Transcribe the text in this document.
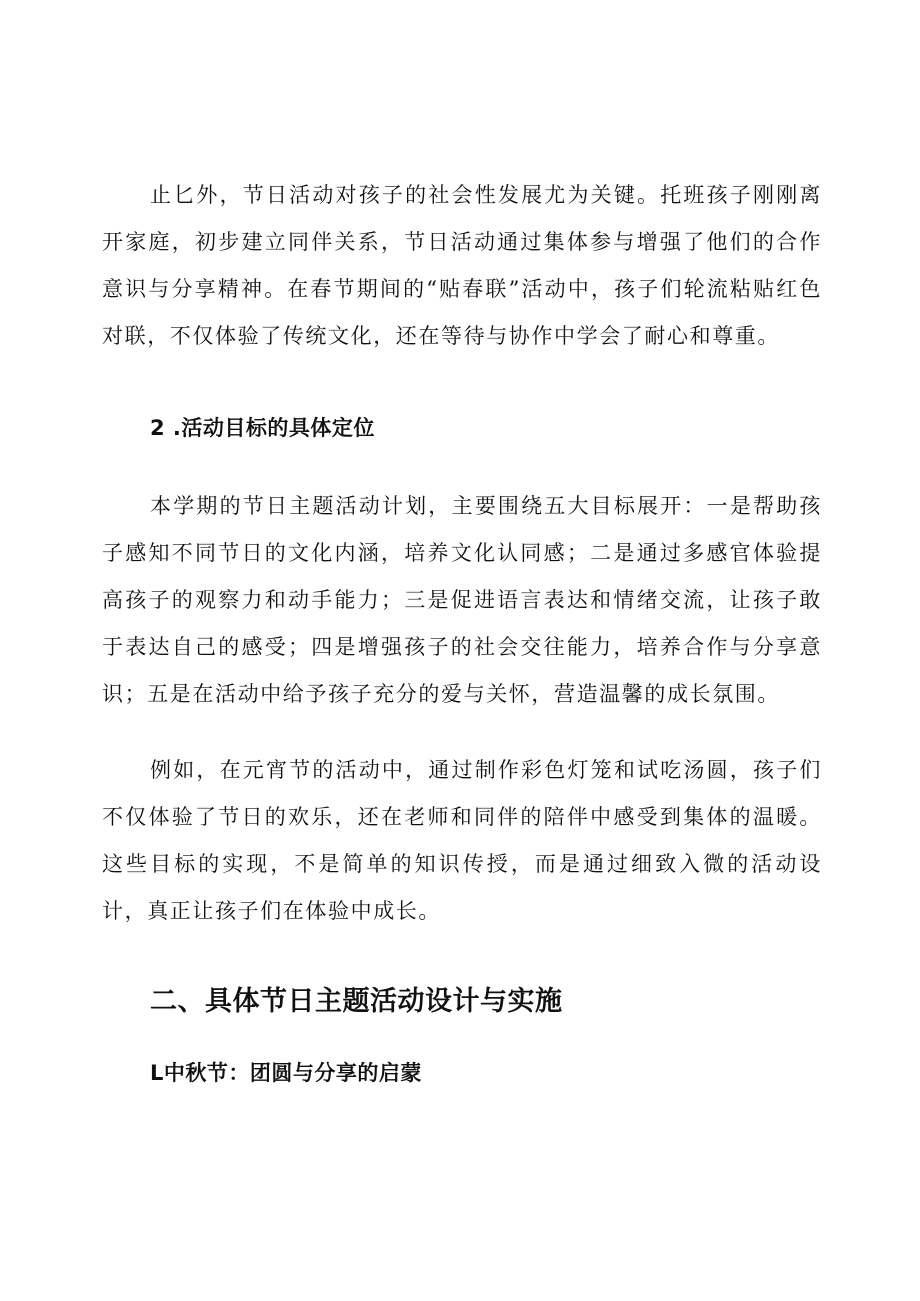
止匕外，节日活动对孩子的社会性发展尤为关键。托班孩子刚刚离开家庭，初步建立同伴关系，节日活动通过集体参与增强了他们的合作意识与分享精神。在春节期间的“贴春联”活动中，孩子们轮流粘贴红色对联，不仅体验了传统文化，还在等待与协作中学会了耐心和尊重。

2 .活动目标的具体定位

本学期的节日主题活动计划，主要围绕五大目标展开：一是帮助孩子感知不同节日的文化内涵，培养文化认同感；二是通过多感官体验提高孩子的观察力和动手能力；三是促进语言表达和情绪交流，让孩子敢于表达自己的感受；四是增强孩子的社会交往能力，培养合作与分享意识；五是在活动中给予孩子充分的爱与关怀，营造温馨的成长氛围。

例如，在元宵节的活动中，通过制作彩色灯笼和试吃汤圆，孩子们不仅体验了节日的欢乐，还在老师和同伴的陪伴中感受到集体的温暖。这些目标的实现，不是简单的知识传授，而是通过细致入微的活动设计，真正让孩子们在体验中成长。

二、具体节日主题活动设计与实施
L中秋节：团圆与分享的启蒙
